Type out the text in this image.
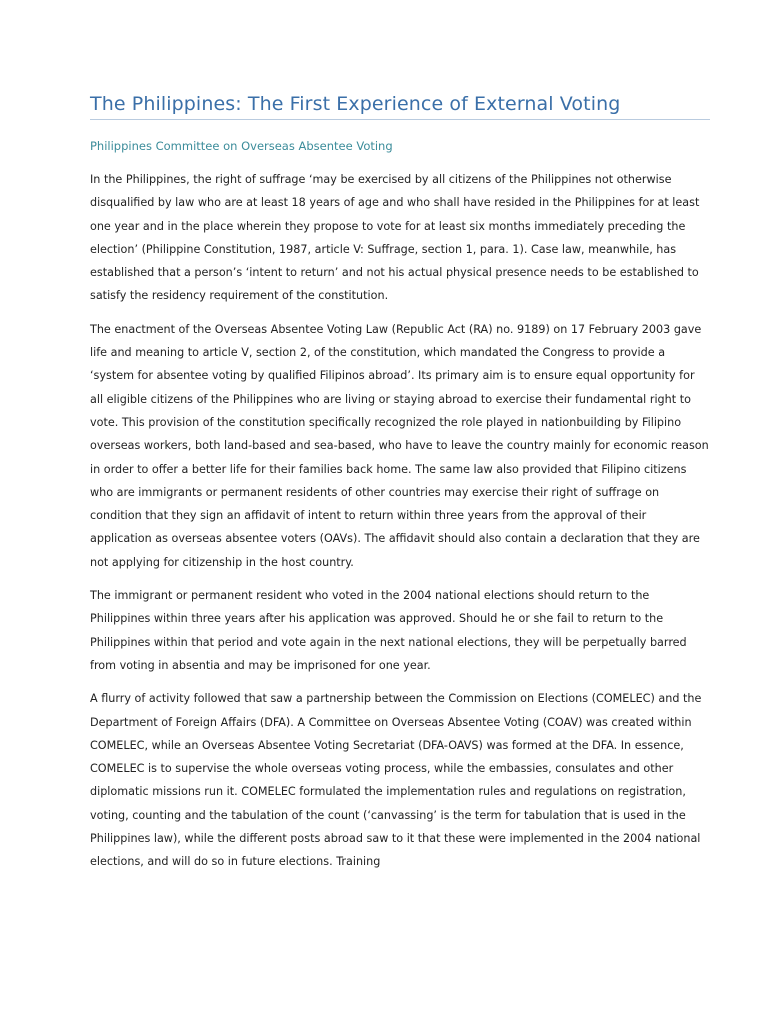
The Philippines: The First Experience of External Voting
Philippines Committee on Overseas Absentee Voting

In the Philippines, the right of suffrage ‘may be exercised by all citizens of the Philippines not otherwise disqualified by law who are at least 18 years of age and who shall have resided in the Philippines for at least one year and in the place wherein they propose to vote for at least six months immediately preceding the election’ (Philippine Constitution, 1987, article V: Suffrage, section 1, para. 1). Case law, meanwhile, has established that a person’s ‘intent to return’ and not his actual physical presence needs to be established to satisfy the residency requirement of the constitution.

The enactment of the Overseas Absentee Voting Law (Republic Act (RA) no. 9189) on 17 February 2003 gave life and meaning to article V, section 2, of the constitution, which mandated the Congress to provide a ‘system for absentee voting by qualified Filipinos abroad’. Its primary aim is to ensure equal opportunity for all eligible citizens of the Philippines who are living or staying abroad to exercise their fundamental right to vote. This provision of the constitution specifically recognized the role played in nationbuilding by Filipino overseas workers, both land-based and sea-based, who have to leave the country mainly for economic reason in order to offer a better life for their families back home. The same law also provided that Filipino citizens who are immigrants or permanent residents of other countries may exercise their right of suffrage on condition that they sign an affidavit of intent to return within three years from the approval of their application as overseas absentee voters (OAVs). The affidavit should also contain a declaration that they are not applying for citizenship in the host country.

The immigrant or permanent resident who voted in the 2004 national elections should return to the Philippines within three years after his application was approved. Should he or she fail to return to the Philippines within that period and vote again in the next national elections, they will be perpetually barred from voting in absentia and may be imprisoned for one year.

A flurry of activity followed that saw a partnership between the Commission on Elections (COMELEC) and the Department of Foreign Affairs (DFA). A Committee on Overseas Absentee Voting (COAV) was created within COMELEC, while an Overseas Absentee Voting Secretariat (DFA-OAVS) was formed at the DFA. In essence, COMELEC is to supervise the whole overseas voting process, while the embassies, consulates and other diplomatic missions run it. COMELEC formulated the implementation rules and regulations on registration, voting, counting and the tabulation of the count (‘canvassing’ is the term for tabulation that is used in the Philippines law), while the different posts abroad saw to it that these were implemented in the 2004 national elections, and will do so in future elections. Training
